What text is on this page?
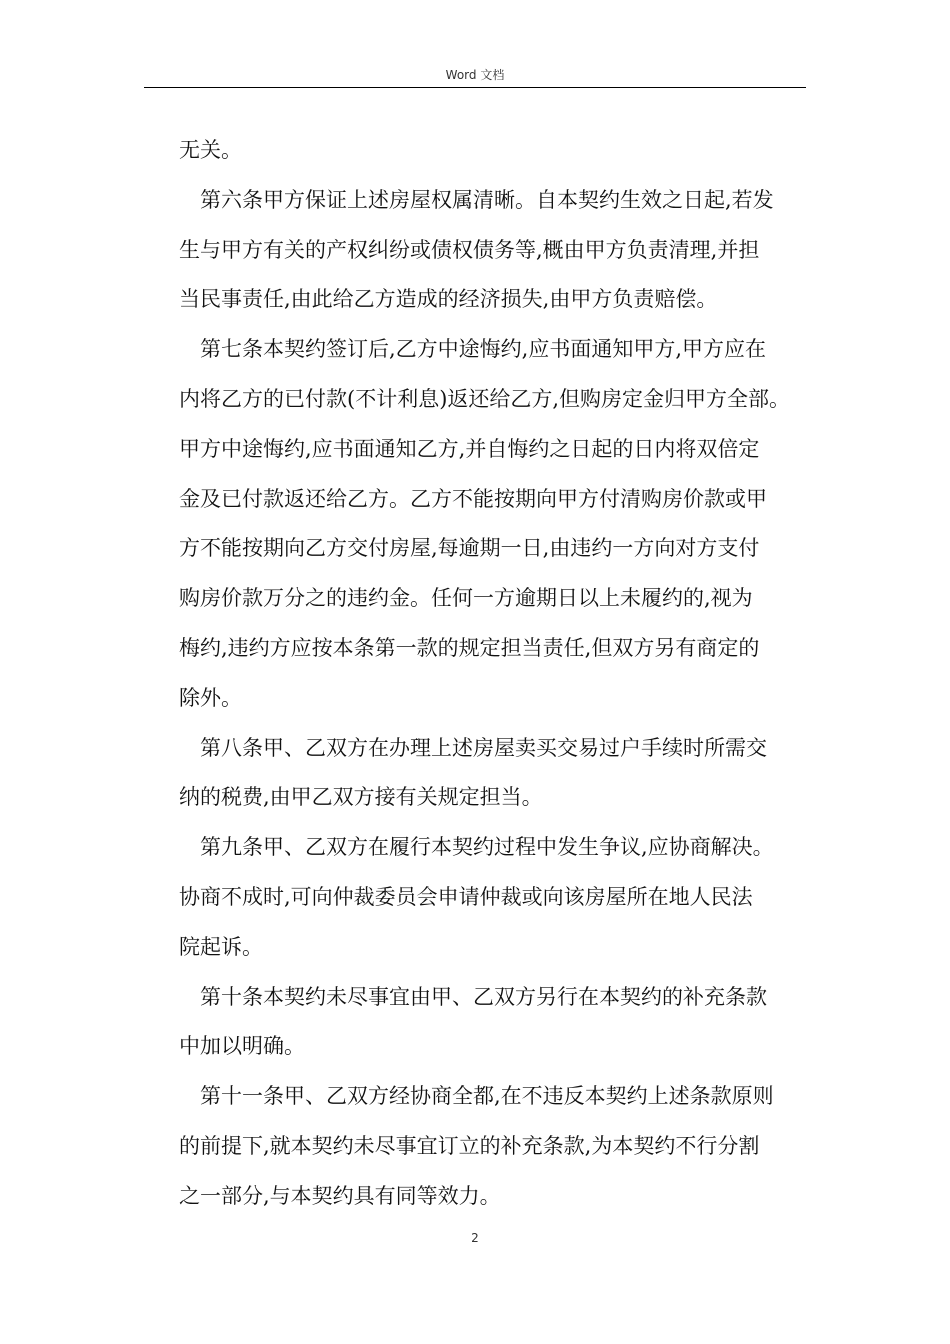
Word 文档
无关。
第六条甲方保证上述房屋权属清晰。自本契约生效之日起,若发
生与甲方有关的产权纠纷或债权债务等,概由甲方负责清理,并担
当民事责任,由此给乙方造成的经济损失,由甲方负责赔偿。
第七条本契约签订后,乙方中途悔约,应书面通知甲方,甲方应在
内将乙方的已付款(不计利息)返还给乙方,但购房定金归甲方全部。
甲方中途悔约,应书面通知乙方,并自悔约之日起的日内将双倍定
金及已付款返还给乙方。乙方不能按期向甲方付清购房价款或甲
方不能按期向乙方交付房屋,每逾期一日,由违约一方向对方支付
购房价款万分之的违约金。任何一方逾期日以上未履约的,视为
梅约,违约方应按本条第一款的规定担当责任,但双方另有商定的
除外。
第八条甲、乙双方在办理上述房屋卖买交易过户手续时所需交
纳的税费,由甲乙双方接有关规定担当。
第九条甲、乙双方在履行本契约过程中发生争议,应协商解决。
协商不成时,可向仲裁委员会申请仲裁或向该房屋所在地人民法
院起诉。
第十条本契约未尽事宜由甲、乙双方另行在本契约的补充条款
中加以明确。
第十一条甲、乙双方经协商全都,在不违反本契约上述条款原则
的前提下,就本契约未尽事宜订立的补充条款,为本契约不行分割
之一部分,与本契约具有同等效力。
2
